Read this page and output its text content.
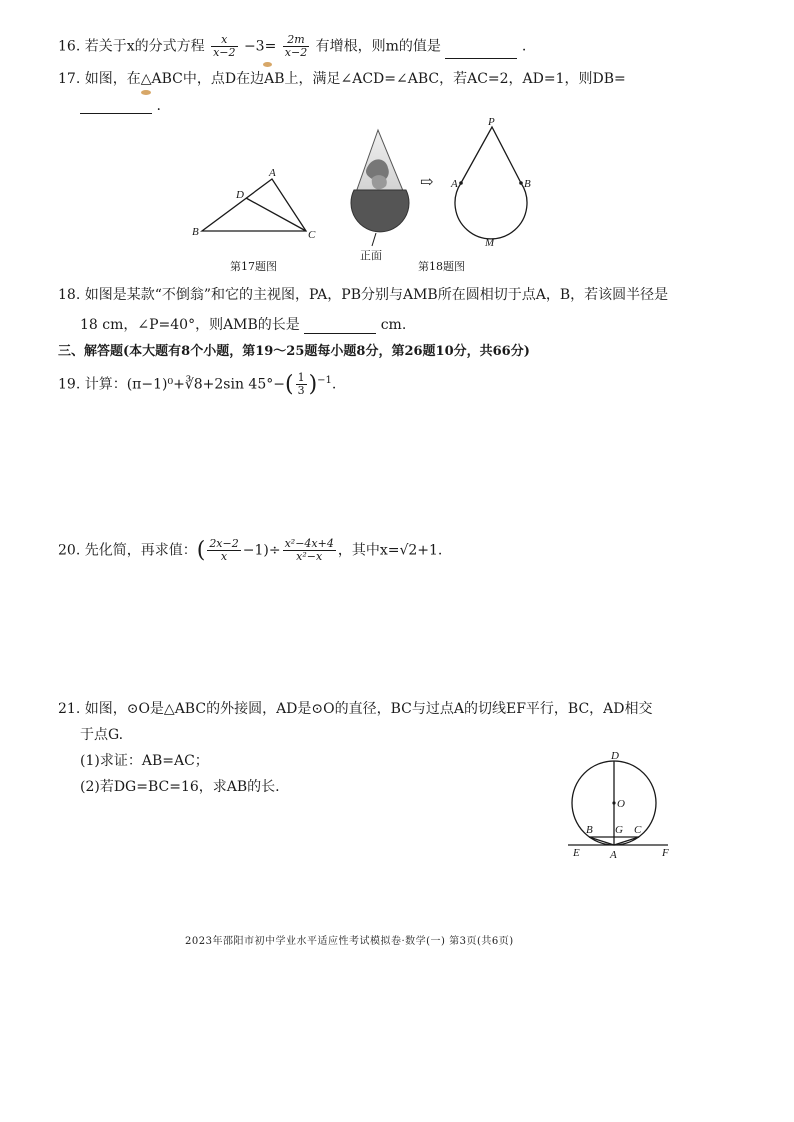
16. 若关于x的分式方程 $\frac{x}{x-2} -3= \frac{2m}{x-2}$ 有增根，则m的值是	.
17. 如图，在△ABC中，点D在边AB上，满足∠ACD=∠ABC，若AC=2，AD=1，则DB=
.
A
B	C
D
第17题图
正面
⇨
P
A	B
M
第18题图
18. 如图是某款“不倒翁”和它的主视图，PA，PB分别与AMB所在圆相切于点A，B，若该圆半径是
18 cm，∠P=40°，则AMB的长是	cm.
三、解答题(本大题有8个小题，第19～25题每小题8分，第26题10分，共66分)
19. 计算：(π−1)⁰+∛8+2sin $45^\circ-( \frac{1}{3} )^{-1}$.
20. 先化简，再求值：( $\frac{2x-2}{x} -1)\div \frac{\text{x²−4x+4}}{\text{x²−x}}$ ，其中x=√2+1.
21. 如图，⊙O是△ABC的外接圆，AD是⊙O的直径，BC与过点A的切线EF平行，BC，AD相交
于点G.
(1)求证：AB=AC；
(2)若DG=BC=16，求AB的长.
D
O
B G C
E	A	F
2023年邵阳市初中学业水平适应性考试模拟卷·数学(一) 第3页(共6页)
